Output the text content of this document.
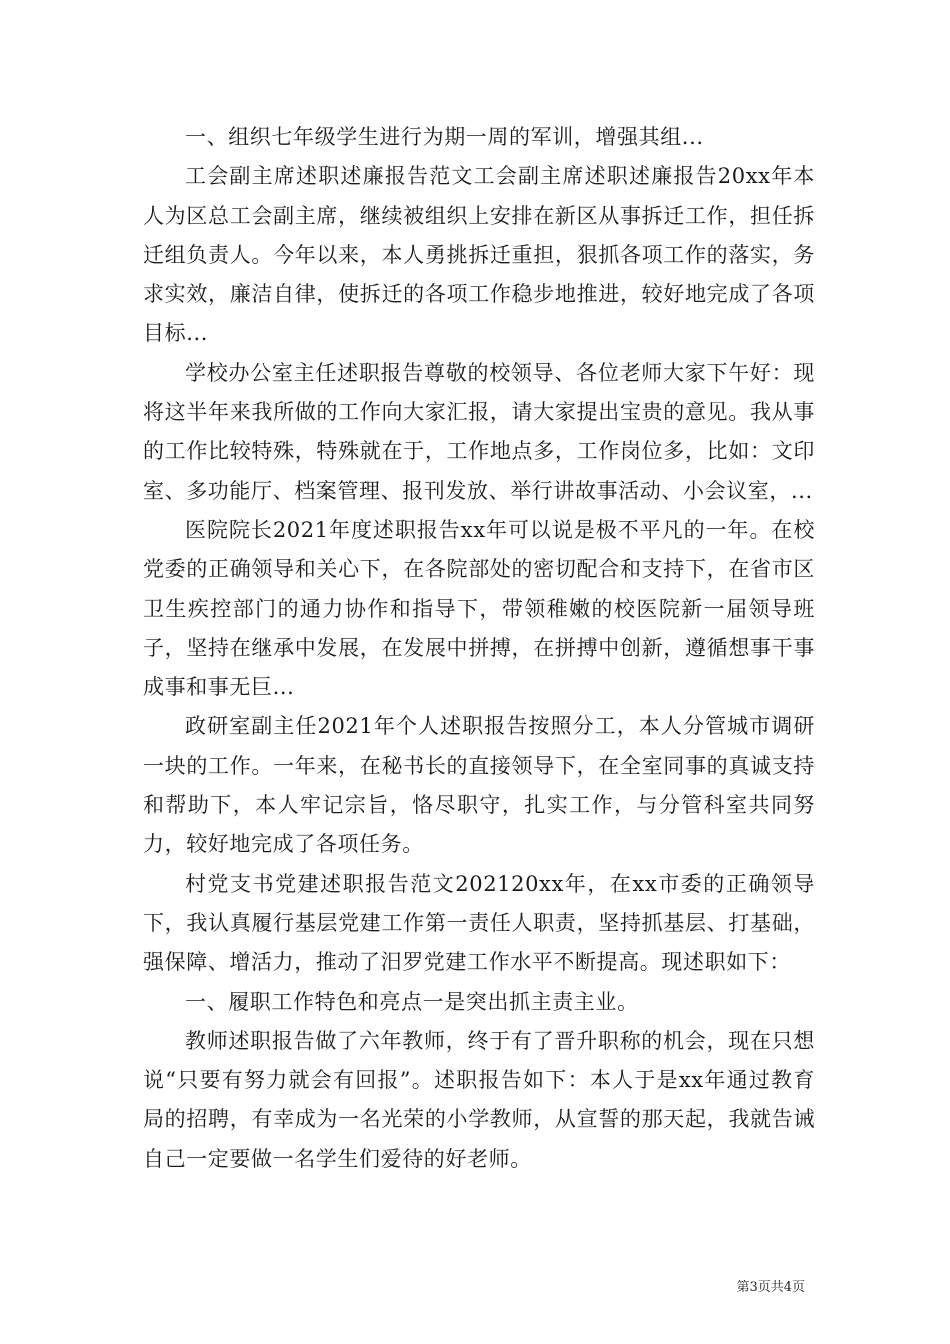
一、组织七年级学生进行为期一周的军训，增强其组...

工会副主席述职述廉报告范文工会副主席述职述廉报告20xx年本人为区总工会副主席，继续被组织上安排在新区从事拆迁工作，担任拆迁组负责人。今年以来，本人勇挑拆迁重担，狠抓各项工作的落实，务求实效，廉洁自律，使拆迁的各项工作稳步地推进，较好地完成了各项目标...

学校办公室主任述职报告尊敬的校领导、各位老师大家下午好：现将这半年来我所做的工作向大家汇报，请大家提出宝贵的意见。我从事的工作比较特殊，特殊就在于，工作地点多，工作岗位多，比如：文印室、多功能厅、档案管理、报刊发放、举行讲故事活动、小会议室，...

医院院长2021年度述职报告xx年可以说是极不平凡的一年。在校党委的正确领导和关心下，在各院部处的密切配合和支持下，在省市区卫生疾控部门的通力协作和指导下，带领稚嫩的校医院新一届领导班子，坚持在继承中发展，在发展中拼搏，在拼搏中创新，遵循想事干事成事和事无巨...

政研室副主任2021年个人述职报告按照分工，本人分管城市调研一块的工作。一年来，在秘书长的直接领导下，在全室同事的真诚支持和帮助下，本人牢记宗旨，恪尽职守，扎实工作，与分管科室共同努力，较好地完成了各项任务。

村党支书党建述职报告范文202120xx年，在xx市委的正确领导下，我认真履行基层党建工作第一责任人职责，坚持抓基层、打基础，强保障、增活力，推动了汨罗党建工作水平不断提高。现述职如下：

一、履职工作特色和亮点一是突出抓主责主业。

教师述职报告做了六年教师，终于有了晋升职称的机会，现在只想说“只要有努力就会有回报”。述职报告如下：本人于是xx年通过教育局的招聘，有幸成为一名光荣的小学教师，从宣誓的那天起，我就告诫自己一定要做一名学生们爱待的好老师。

第3页共4页
